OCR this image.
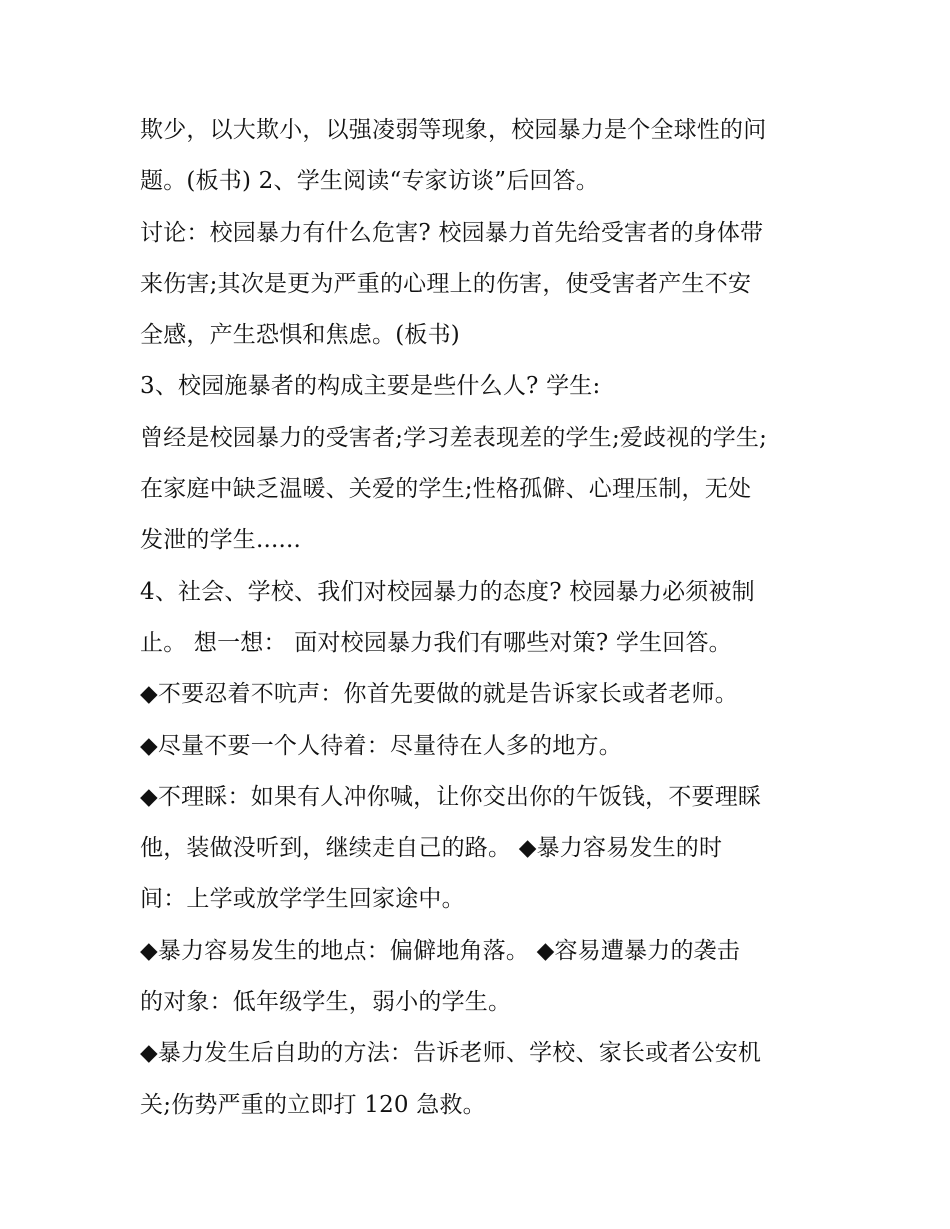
欺少，以大欺小，以强凌弱等现象，校园暴力是个全球性的问
题。(板书) 2、学生阅读“专家访谈”后回答。
讨论：校园暴力有什么危害? 校园暴力首先给受害者的身体带
来伤害;其次是更为严重的心理上的伤害，使受害者产生不安
全感，产生恐惧和焦虑。(板书)
3、校园施暴者的构成主要是些什么人? 学生:
曾经是校园暴力的受害者;学习差表现差的学生;爱歧视的学生;
在家庭中缺乏温暖、关爱的学生;性格孤僻、心理压制，无处
发泄的学生......
4、社会、学校、我们对校园暴力的态度? 校园暴力必须被制
止。 想一想： 面对校园暴力我们有哪些对策? 学生回答。
◆不要忍着不吭声：你首先要做的就是告诉家长或者老师。
◆尽量不要一个人待着：尽量待在人多的地方。
◆不理睬：如果有人冲你喊，让你交出你的午饭钱，不要理睬
他，装做没听到，继续走自己的路。 ◆暴力容易发生的时
间：上学或放学学生回家途中。
◆暴力容易发生的地点：偏僻地角落。 ◆容易遭暴力的袭击
的对象：低年级学生，弱小的学生。
◆暴力发生后自助的方法：告诉老师、学校、家长或者公安机
关;伤势严重的立即打 120 急救。
